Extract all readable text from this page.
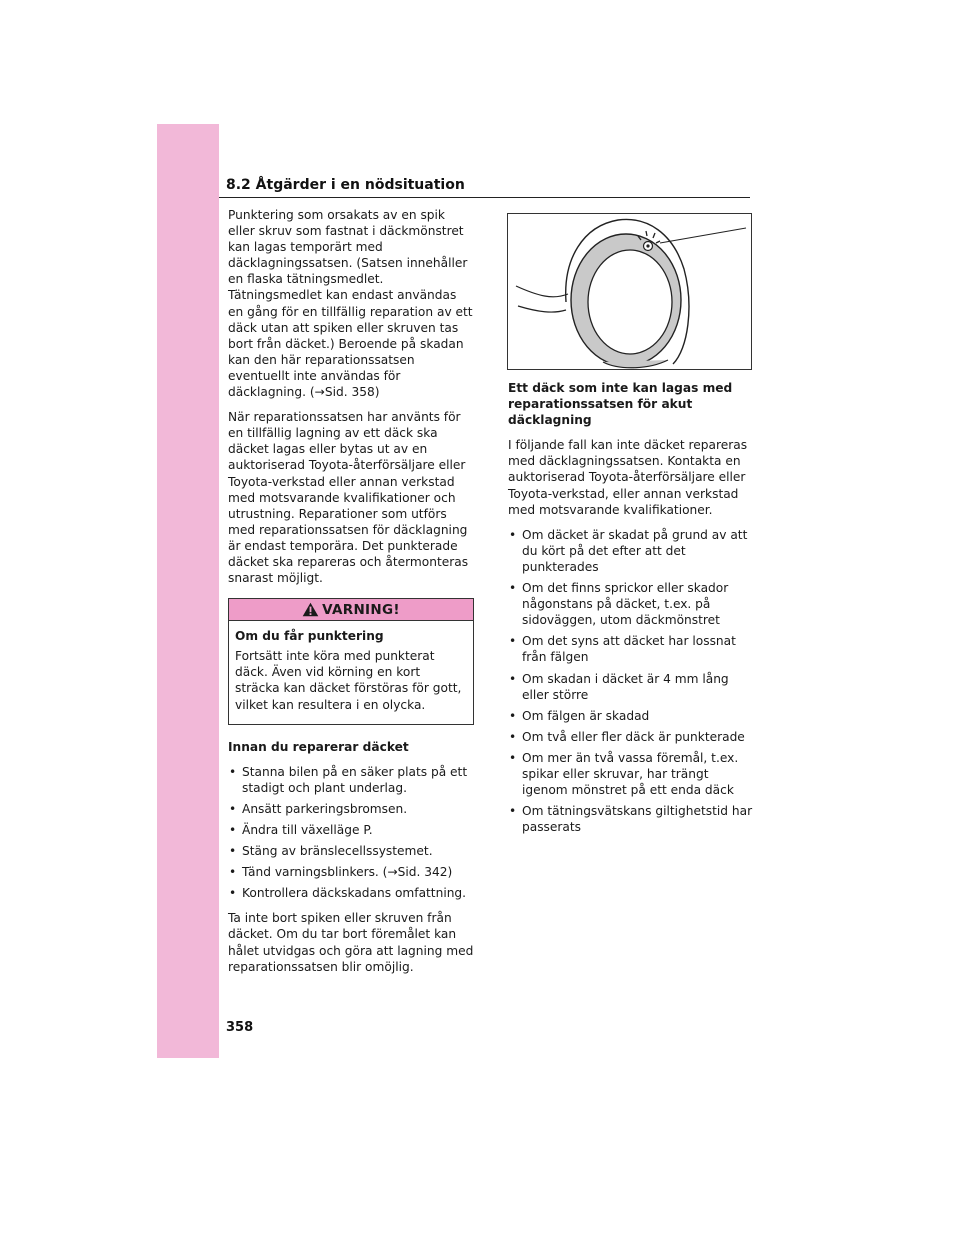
8.2 Åtgärder i en nödsituation

Punktering som orsakats av en spik eller skruv som fastnat i däckmönstret kan lagas temporärt med däcklagningssatsen. (Satsen innehåller en flaska tätningsmedlet. Tätningsmedlet kan endast användas en gång för en tillfällig reparation av ett däck utan att spiken eller skruven tas bort från däcket.) Beroende på skadan kan den här reparationssatsen eventuellt inte användas för däcklagning. (→Sid. 358)

När reparationssatsen har använts för en tillfällig lagning av ett däck ska däcket lagas eller bytas ut av en auktoriserad Toyota-återförsäljare eller Toyota-verkstad eller annan verkstad med motsvarande kvalifikationer och utrustning. Reparationer som utförs med reparationssatsen för däcklagning är endast temporära. Det punkterade däcket ska repareras och återmonteras snarast möjligt.

VARNING!

Om du får punktering

Fortsätt inte köra med punkterat däck. Även vid körning en kort sträcka kan däcket förstöras för gott, vilket kan resultera i en olycka.

Innan du reparerar däcket

• Stanna bilen på en säker plats på ett stadigt och plant underlag.
• Ansätt parkeringsbromsen.
• Ändra till växelläge P.
• Stäng av bränslecellssystemet.
• Tänd varningsblinkers. (→Sid. 342)
• Kontrollera däckskadans omfattning.

Ta inte bort spiken eller skruven från däcket. Om du tar bort föremålet kan hålet utvidgas och göra att lagning med reparationssatsen blir omöjlig.

Ett däck som inte kan lagas med reparationssatsen för akut däcklagning

I följande fall kan inte däcket repareras med däcklagningssatsen. Kontakta en auktoriserad Toyota-återförsäljare eller Toyota-verkstad, eller annan verkstad med motsvarande kvalifikationer.

• Om däcket är skadat på grund av att du kört på det efter att det punkterades
• Om det finns sprickor eller skador någonstans på däcket, t.ex. på sidoväggen, utom däckmönstret
• Om det syns att däcket har lossnat från fälgen
• Om skadan i däcket är 4 mm lång eller större
• Om fälgen är skadad
• Om två eller fler däck är punkterade
• Om mer än två vassa föremål, t.ex. spikar eller skruvar, har trängt igenom mönstret på ett enda däck
• Om tätningsvätskans giltighetstid har passerats
358
